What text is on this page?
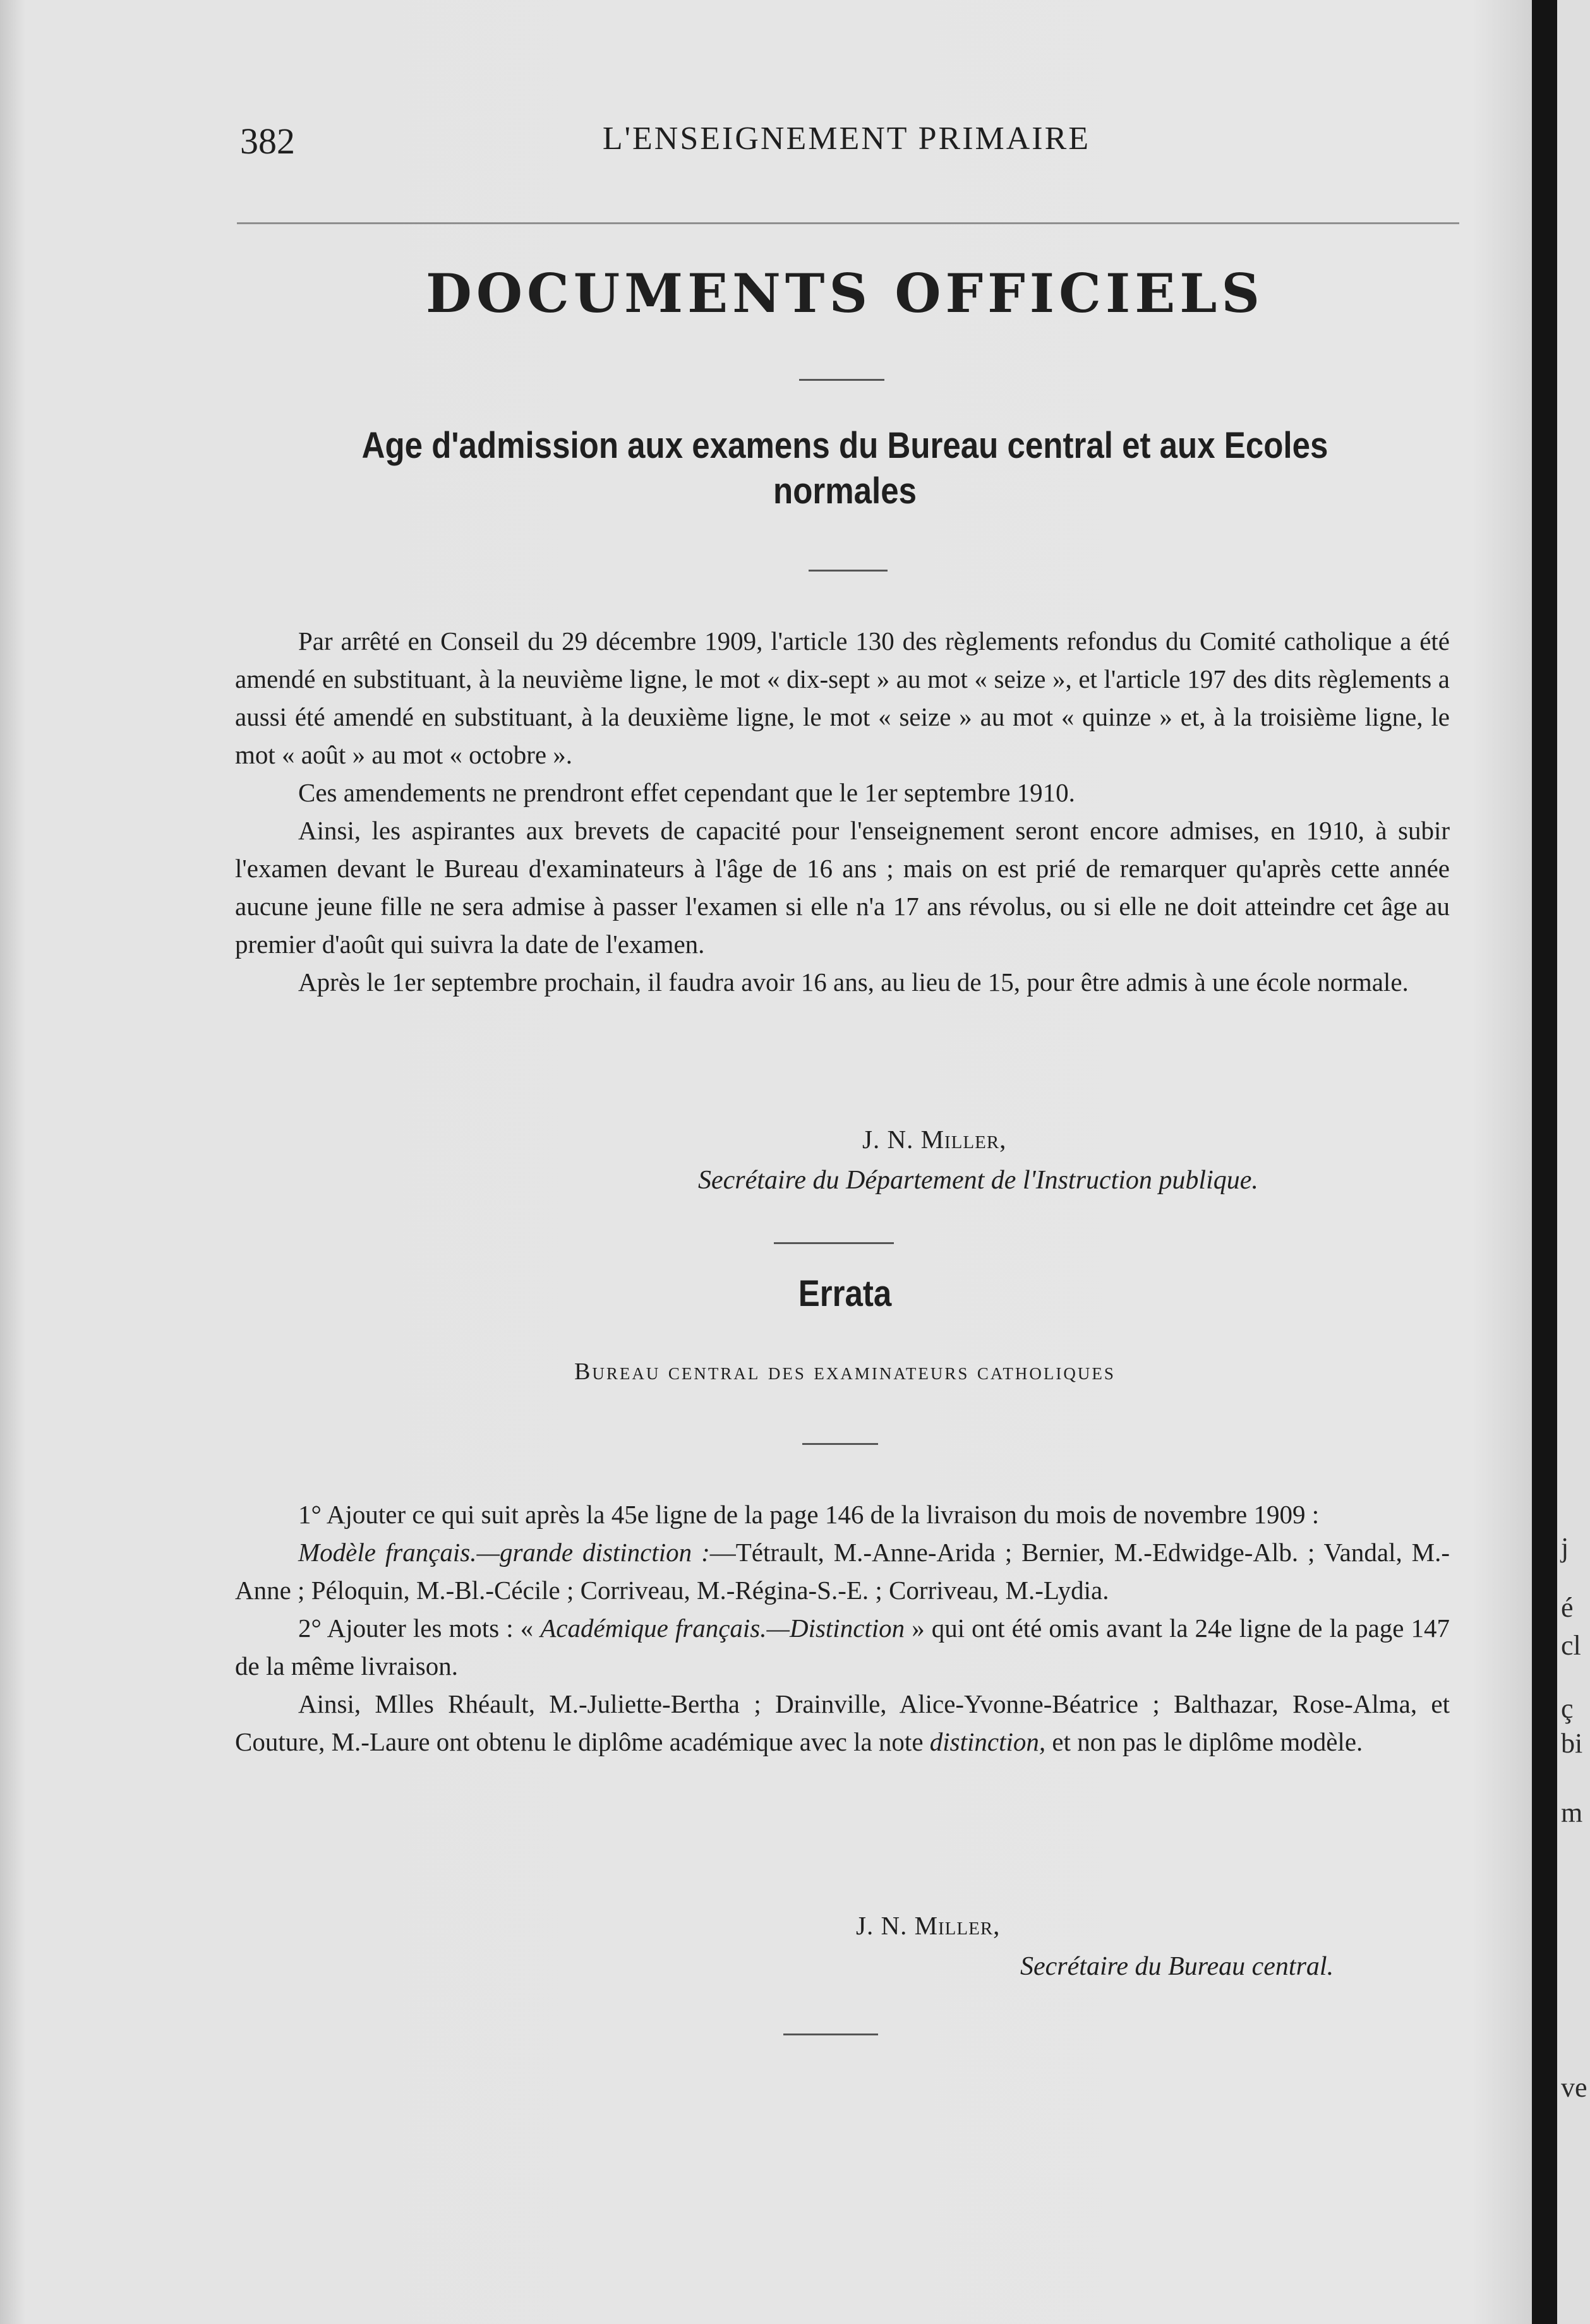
382	L'ENSEIGNEMENT PRIMAIRE
DOCUMENTS OFFICIELS
Age d'admission aux examens du Bureau central et aux Ecoles normales

Par arrêté en Conseil du 29 décembre 1909, l'article 130 des règlements refondus du Comité catholique a été amendé en substituant, à la neuvième ligne, le mot « dix-sept » au mot « seize », et l'article 197 des dits règlements a aussi été amendé en substituant, à la deuxième ligne, le mot « seize » au mot « quinze » et, à la troisième ligne, le mot « août » au mot « octobre ».

Ces amendements ne prendront effet cependant que le 1er septembre 1910.

Ainsi, les aspirantes aux brevets de capacité pour l'enseignement seront encore admises, en 1910, à subir l'examen devant le Bureau d'examinateurs à l'âge de 16 ans ; mais on est prié de remarquer qu'après cette année aucune jeune fille ne sera admise à passer l'examen si elle n'a 17 ans révolus, ou si elle ne doit atteindre cet âge au premier d'août qui suivra la date de l'examen.

Après le 1er septembre prochain, il faudra avoir 16 ans, au lieu de 15, pour être admis à une école normale.

J. N. Miller,
Secrétaire du Département de l'Instruction publique.
Errata
Bureau central des examinateurs catholiques

1° Ajouter ce qui suit après la 45e ligne de la page 146 de la livraison du mois de novembre 1909 :

Modèle français.—grande distinction :—Tétrault, M.-Anne-Arida ; Bernier, M.-Edwidge-Alb. ; Vandal, M.-Anne ; Péloquin, M.-Bl.-Cécile ; Corriveau, M.-Régina-S.-E. ; Corriveau, M.-Lydia.

2° Ajouter les mots : « Académique français.—Distinction » qui ont été omis avant la 24e ligne de la page 147 de la même livraison.

Ainsi, Mlles Rhéault, M.-Juliette-Bertha ; Drainville, Alice-Yvonne-Béatrice ; Balthazar, Rose-Alma, et Couture, M.-Laure ont obtenu le diplôme académique avec la note distinction, et non pas le diplôme modèle.

J. N. Miller,
Secrétaire du Bureau central.
j
é
cl
ç
bi
m
ve
